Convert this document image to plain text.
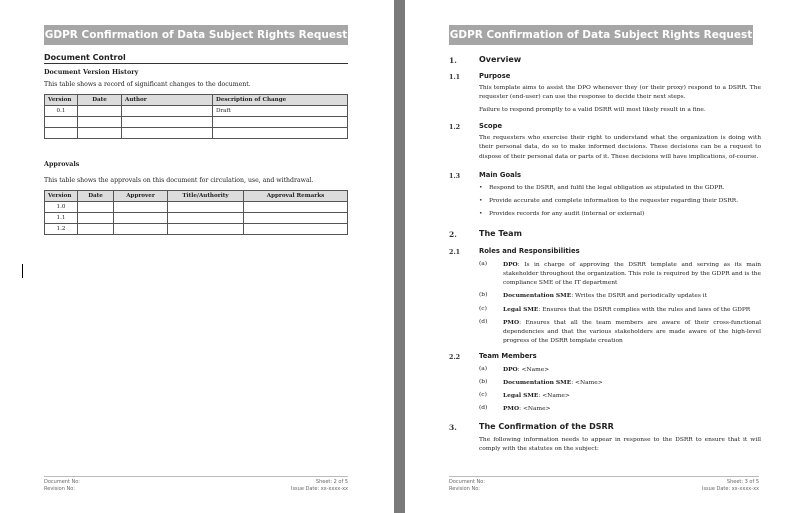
GDPR Confirmation of Data Subject Rights Request
Document Control
Document Version History
This table shows a record of significant changes to the document.
Version	Date	Author	Description of Change
0.1			Draft

Approvals
This table shows the approvals on this document for circulation, use, and withdrawal.
Version	Date	Approver	Title/Authority	Approval Remarks
1.0				
1.1				
1.2				
Document No:
Revision No:
Sheet: 2 of 5
Issue Date: xx-xxxx-xx
GDPR Confirmation of Data Subject Rights Request
1.	Overview
1.1	Purpose
This template aims to assist the DPO whenever they (or their proxy) respond to a DSRR. The requester (end-user) can use the response to decide their next steps.
Failure to respond promptly to a valid DSRR will most likely result in a fine.
1.2	Scope
The requesters who exercise their right to understand what the organization is doing with their personal data, do so to make informed decisions. These decisions can be a request to dispose of their personal data or parts of it. These decisions will have implications, of-course.
1.3	Main Goals
• Respond to the DSRR, and fulfil the legal obligation as stipulated in the GDPR.
• Provide accurate and complete information to the requester regarding their DSRR.
• Provides records for any audit (internal or external)
2.	The Team
2.1	Roles and Responsibilities
(a)	DPO: Is in charge of approving the DSRR template and serving as its main stakeholder throughout the organization. This role is required by the GDPR and is the compliance SME of the IT department
(b)	Documentation SME: Writes the DSRR and periodically updates it
(c)	Legal SME: Ensures that the DSRR complies with the rules and laws of the GDPR
(d)	PMO: Ensures that all the team members are aware of their cross-functional dependencies and that the various stakeholders are made aware of the high-level progress of the DSRR template creation
2.2	Team Members
(a)	DPO: <Name>
(b)	Documentation SME: <Name>
(c)	Legal SME: <Name>
(d)	PMO: <Name>
3.	The Confirmation of the DSRR
The following information needs to appear in response to the DSRR to ensure that it will comply with the statutes on the subject:
Document No:
Revision No:
Sheet: 3 of 5
Issue Date: xx-xxxx-xx
